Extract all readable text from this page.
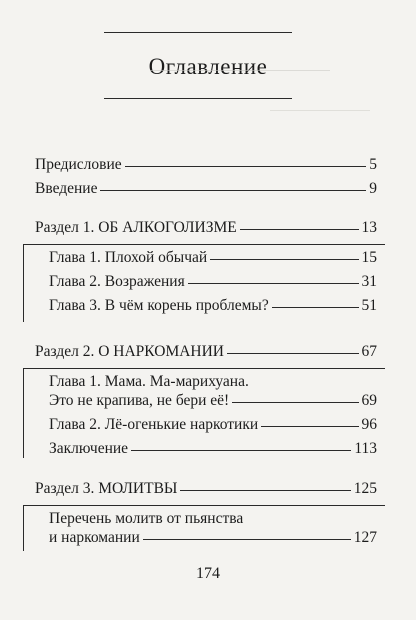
Оглавление
Предисловие	5
Введение	9
Раздел 1. ОБ АЛКОГОЛИЗМЕ	13
Глава 1. Плохой обычай	15
Глава 2. Возражения	31
Глава 3. В чём корень проблемы?	51
Раздел 2. О НАРКОМАНИИ	67
Глава 1. Мама. Ма-марихуана.
Это не крапива, не бери её!	69
Глава 2. Лё-огенькие наркотики	96
Заключение	113
Раздел 3. МОЛИТВЫ	125
Перечень молитв от пьянства
и наркомании	127
174
